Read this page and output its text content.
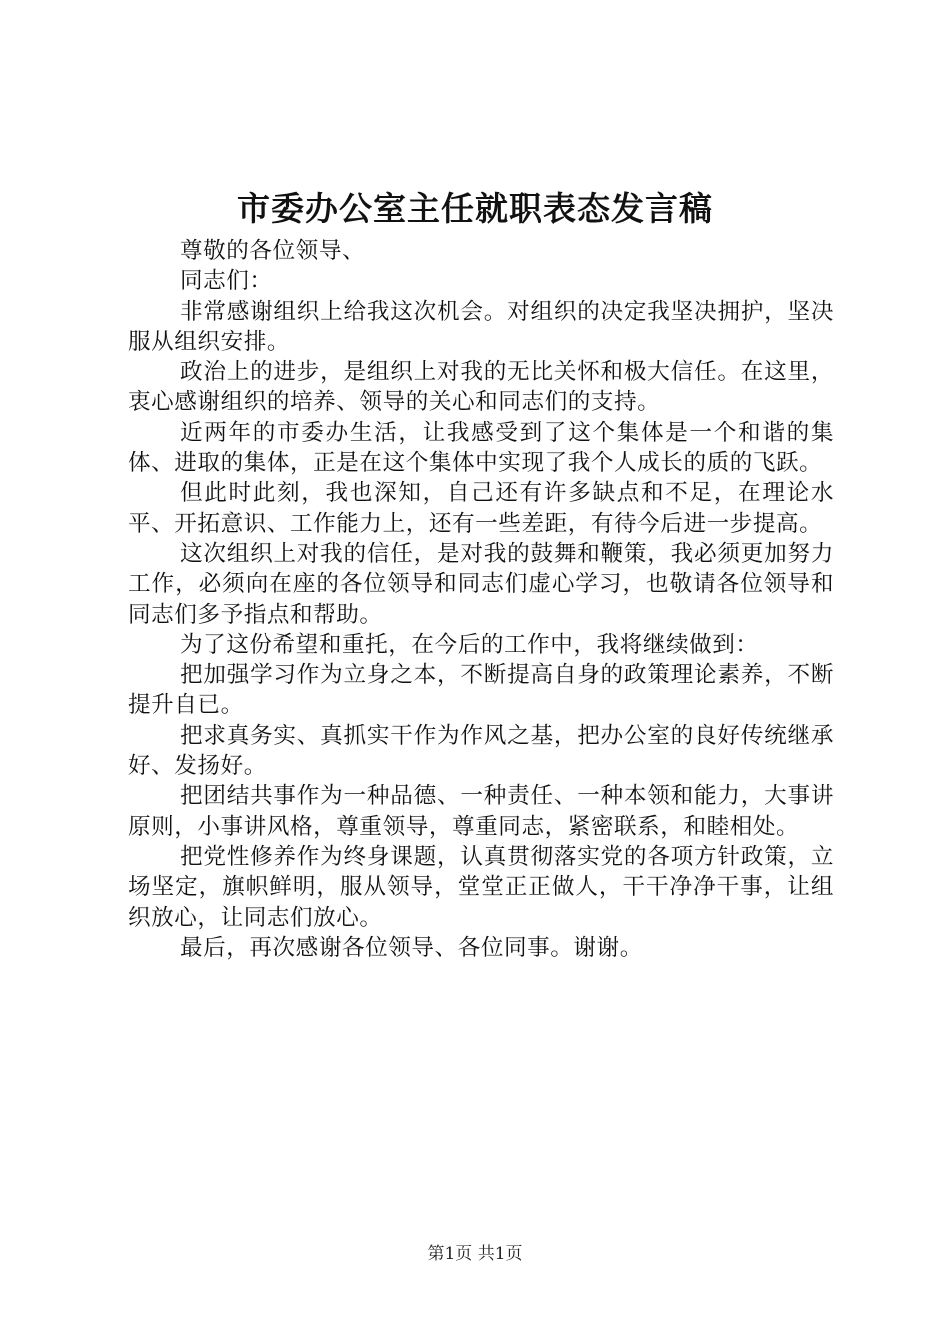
市委办公室主任就职表态发言稿

尊敬的各位领导、

同志们：

非常感谢组织上给我这次机会。对组织的决定我坚决拥护，坚决服从组织安排。

政治上的进步，是组织上对我的无比关怀和极大信任。在这里，衷心感谢组织的培养、领导的关心和同志们的支持。

近两年的市委办生活，让我感受到了这个集体是一个和谐的集体、进取的集体，正是在这个集体中实现了我个人成长的质的飞跃。

但此时此刻，我也深知，自己还有许多缺点和不足，在理论水平、开拓意识、工作能力上，还有一些差距，有待今后进一步提高。

这次组织上对我的信任，是对我的鼓舞和鞭策，我必须更加努力工作，必须向在座的各位领导和同志们虚心学习，也敬请各位领导和同志们多予指点和帮助。

为了这份希望和重托，在今后的工作中，我将继续做到：

把加强学习作为立身之本，不断提高自身的政策理论素养，不断提升自已。

把求真务实、真抓实干作为作风之基，把办公室的良好传统继承好、发扬好。

把团结共事作为一种品德、一种责任、一种本领和能力，大事讲原则，小事讲风格，尊重领导，尊重同志，紧密联系，和睦相处。

把党性修养作为终身课题，认真贯彻落实党的各项方针政策，立场坚定，旗帜鲜明，服从领导，堂堂正正做人，干干净净干事，让组织放心，让同志们放心。

最后，再次感谢各位领导、各位同事。谢谢。

第1页 共1页
